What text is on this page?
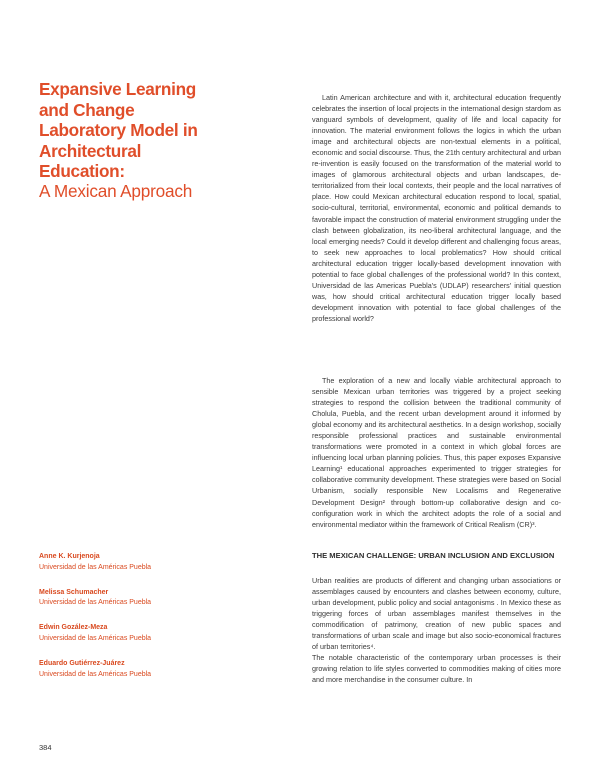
Expansive Learning
and Change
Laboratory Model in
Architectural
Education:
A Mexican Approach
Anne K. Kurjenoja
Universidad de las Américas Puebla
Melissa Schumacher
Universidad de las Américas Puebla
Edwin Gozález-Meza
Universidad de las Américas Puebla
Eduardo Gutiérrez-Juárez
Universidad de las Américas Puebla
384

Latin American architecture and with it, architectural education frequently celebrates the insertion of local projects in the international design stardom as vanguard symbols of development, quality of life and local capacity for innovation. The material environment follows the logics in which the urban image and architectural objects are non-textual elements in a political, economic and social discourse. Thus, the 21th century architectural and urban re-invention is easily focused on the transformation of the material world to images of glamorous architectural objects and urban landscapes, de-territorialized from their local contexts, their people and the local narratives of place. How could Mexican architectural education respond to local, spatial, socio-cultural, territorial, environmental, economic and political demands to favorable impact the construction of material environment struggling under the clash between globalization, its neo-liberal architectural language, and the local emerging needs? Could it develop different and challenging focus areas, to seek new approaches to local problematics? How should critical architectural education trigger locally-based development innovation with potential to face global challenges of the professional world? In this context, Universidad de las Americas Puebla's (UDLAP) researchers' initial question was, how should critical architectural education trigger locally based development innovation with potential to face global challenges of the professional world?

The exploration of a new and locally viable architectural approach to sensible Mexican urban territories was triggered by a project seeking strategies to respond the collision between the traditional community of Cholula, Puebla, and the recent urban development around it informed by global economy and its architectural aesthetics. In a design workshop, socially responsible professional practices and sustainable environmental transformations were promoted in a context in which global forces are influencing local urban planning policies. Thus, this paper exposes Expansive Learning¹ educational approaches experimented to trigger strategies for collaborative community development. These strategies were based on Social Urbanism, socially responsible New Localisms and Regenerative Development Design² through bottom-up collaborative design and co-configuration work in which the architect adopts the role of a social and environmental mediator within the framework of Critical Realism (CR)³.

THE MEXICAN CHALLENGE: URBAN INCLUSION AND EXCLUSION

Urban realities are products of different and changing urban associations or assemblages caused by encounters and clashes between economy, culture, urban development, public policy and social antagonisms . In Mexico these as triggering forces of urban assemblages manifest themselves in the commodification of patrimony, creation of new public spaces and transformations of urban scale and image but also socio-economical fractures of urban territories⁴.

The notable characteristic of the contemporary urban processes is their growing relation to life styles converted to commodities making of cities more and more merchandise in the consumer culture. In
